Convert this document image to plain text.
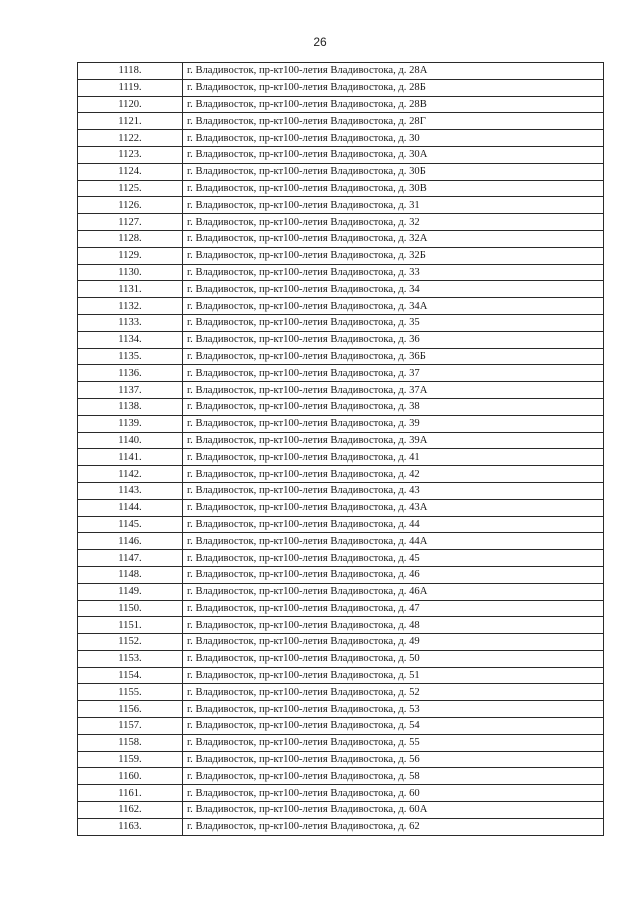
26
1118.	г. Владивосток, пр-кт100-летия Владивостока, д. 28А
1119.	г. Владивосток, пр-кт100-летия Владивостока, д. 28Б
1120.	г. Владивосток, пр-кт100-летия Владивостока, д. 28В
1121.	г. Владивосток, пр-кт100-летия Владивостока, д. 28Г
1122.	г. Владивосток, пр-кт100-летия Владивостока, д. 30
1123.	г. Владивосток, пр-кт100-летия Владивостока, д. 30А
1124.	г. Владивосток, пр-кт100-летия Владивостока, д. 30Б
1125.	г. Владивосток, пр-кт100-летия Владивостока, д. 30В
1126.	г. Владивосток, пр-кт100-летия Владивостока, д. 31
1127.	г. Владивосток, пр-кт100-летия Владивостока, д. 32
1128.	г. Владивосток, пр-кт100-летия Владивостока, д. 32А
1129.	г. Владивосток, пр-кт100-летия Владивостока, д. 32Б
1130.	г. Владивосток, пр-кт100-летия Владивостока, д. 33
1131.	г. Владивосток, пр-кт100-летия Владивостока, д. 34
1132.	г. Владивосток, пр-кт100-летия Владивостока, д. 34А
1133.	г. Владивосток, пр-кт100-летия Владивостока, д. 35
1134.	г. Владивосток, пр-кт100-летия Владивостока, д. 36
1135.	г. Владивосток, пр-кт100-летия Владивостока, д. 36Б
1136.	г. Владивосток, пр-кт100-летия Владивостока, д. 37
1137.	г. Владивосток, пр-кт100-летия Владивостока, д. 37А
1138.	г. Владивосток, пр-кт100-летия Владивостока, д. 38
1139.	г. Владивосток, пр-кт100-летия Владивостока, д. 39
1140.	г. Владивосток, пр-кт100-летия Владивостока, д. 39А
1141.	г. Владивосток, пр-кт100-летия Владивостока, д. 41
1142.	г. Владивосток, пр-кт100-летия Владивостока, д. 42
1143.	г. Владивосток, пр-кт100-летия Владивостока, д. 43
1144.	г. Владивосток, пр-кт100-летия Владивостока, д. 43А
1145.	г. Владивосток, пр-кт100-летия Владивостока, д. 44
1146.	г. Владивосток, пр-кт100-летия Владивостока, д. 44А
1147.	г. Владивосток, пр-кт100-летия Владивостока, д. 45
1148.	г. Владивосток, пр-кт100-летия Владивостока, д. 46
1149.	г. Владивосток, пр-кт100-летия Владивостока, д. 46А
1150.	г. Владивосток, пр-кт100-летия Владивостока, д. 47
1151.	г. Владивосток, пр-кт100-летия Владивостока, д. 48
1152.	г. Владивосток, пр-кт100-летия Владивостока, д. 49
1153.	г. Владивосток, пр-кт100-летия Владивостока, д. 50
1154.	г. Владивосток, пр-кт100-летия Владивостока, д. 51
1155.	г. Владивосток, пр-кт100-летия Владивостока, д. 52
1156.	г. Владивосток, пр-кт100-летия Владивостока, д. 53
1157.	г. Владивосток, пр-кт100-летия Владивостока, д. 54
1158.	г. Владивосток, пр-кт100-летия Владивостока, д. 55
1159.	г. Владивосток, пр-кт100-летия Владивостока, д. 56
1160.	г. Владивосток, пр-кт100-летия Владивостока, д. 58
1161.	г. Владивосток, пр-кт100-летия Владивостока, д. 60
1162.	г. Владивосток, пр-кт100-летия Владивостока, д. 60А
1163.	г. Владивосток, пр-кт100-летия Владивостока, д. 62
